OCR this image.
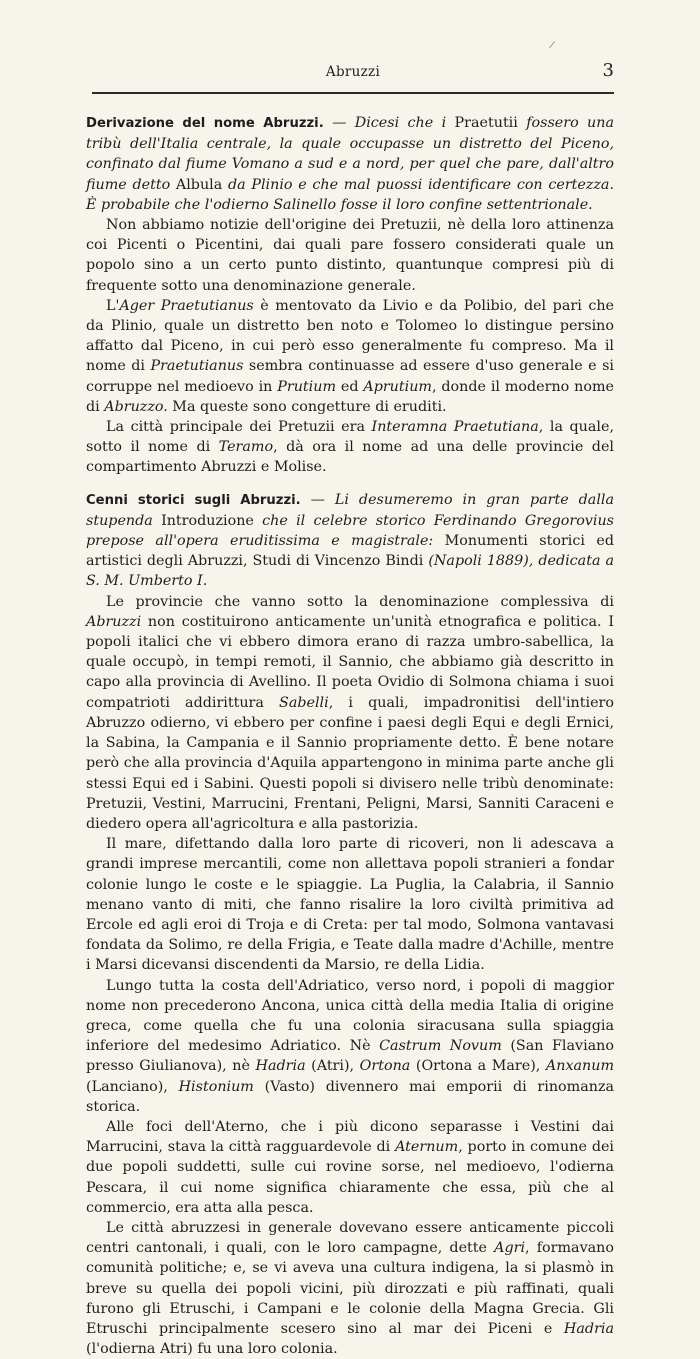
Abruzzi	3
/

Derivazione del nome Abruzzi. — Dicesi che i Praetutii fossero una tribù dell'Italia centrale, la quale occupasse un distretto del Piceno, confinato dal fiume Vomano a sud e a nord, per quel che pare, dall'altro fiume detto Albula da Plinio e che mal puossi identificare con certezza. È probabile che l'odierno Salinello fosse il loro confine settentrionale.

Non abbiamo notizie dell'origine dei Pretuzii, nè della loro attinenza coi Picenti o Picentini, dai quali pare fossero considerati quale un popolo sino a un certo punto distinto, quantunque compresi più di frequente sotto una denominazione generale.

L'Ager Praetutianus è mentovato da Livio e da Polibio, del pari che da Plinio, quale un distretto ben noto e Tolomeo lo distingue persino affatto dal Piceno, in cui però esso generalmente fu compreso. Ma il nome di Praetutianus sembra continuasse ad essere d'uso generale e si corruppe nel medioevo in Prutium ed Aprutium, donde il moderno nome di Abruzzo. Ma queste sono congetture di eruditi.

La città principale dei Pretuzii era Interamna Praetutiana, la quale, sotto il nome di Teramo, dà ora il nome ad una delle provincie del compartimento Abruzzi e Molise.

Cenni storici sugli Abruzzi. — Li desumeremo in gran parte dalla stupenda Introduzione che il celebre storico Ferdinando Gregorovius prepose all'opera eruditissima e magistrale: Monumenti storici ed artistici degli Abruzzi, Studi di Vincenzo Bindi (Napoli 1889), dedicata a S. M. Umberto I.

Le provincie che vanno sotto la denominazione complessiva di Abruzzi non costituirono anticamente un'unità etnografica e politica. I popoli italici che vi ebbero dimora erano di razza umbro-sabellica, la quale occupò, in tempi remoti, il Sannio, che abbiamo già descritto in capo alla provincia di Avellino. Il poeta Ovidio di Solmona chiama i suoi compatrioti addirittura Sabelli, i quali, impadronitisi dell'intiero Abruzzo odierno, vi ebbero per confine i paesi degli Equi e degli Ernici, la Sabina, la Campania e il Sannio propriamente detto. È bene notare però che alla provincia d'Aquila appartengono in minima parte anche gli stessi Equi ed i Sabini. Questi popoli si divisero nelle tribù denominate: Pretuzii, Vestini, Marrucini, Frentani, Peligni, Marsi, Sanniti Caraceni e diedero opera all'agricoltura e alla pastorizia.

Il mare, difettando dalla loro parte di ricoveri, non li adescava a grandi imprese mercantili, come non allettava popoli stranieri a fondar colonie lungo le coste e le spiaggie. La Puglia, la Calabria, il Sannio menano vanto di miti, che fanno risalire la loro civiltà primitiva ad Ercole ed agli eroi di Troja e di Creta: per tal modo, Solmona vantavasi fondata da Solimo, re della Frigia, e Teate dalla madre d'Achille, mentre i Marsi dicevansi discendenti da Marsio, re della Lidia.

Lungo tutta la costa dell'Adriatico, verso nord, i popoli di maggior nome non precederono Ancona, unica città della media Italia di origine greca, come quella che fu una colonia siracusana sulla spiaggia inferiore del medesimo Adriatico. Nè Castrum Novum (San Flaviano presso Giulianova), nè Hadria (Atri), Ortona (Ortona a Mare), Anxanum (Lanciano), Histonium (Vasto) divennero mai emporii di rinomanza storica.

Alle foci dell'Aterno, che i più dicono separasse i Vestini dai Marrucini, stava la città ragguardevole di Aternum, porto in comune dei due popoli suddetti, sulle cui rovine sorse, nel medioevo, l'odierna Pescara, il cui nome significa chiaramente che essa, più che al commercio, era atta alla pesca.

Le città abruzzesi in generale dovevano essere anticamente piccoli centri cantonali, i quali, con le loro campagne, dette Agri, formavano comunità politiche; e, se vi aveva una cultura indigena, la si plasmò in breve su quella dei popoli vicini, più dirozzati e più raffinati, quali furono gli Etruschi, i Campani e le colonie della Magna Grecia. Gli Etruschi principalmente scesero sino al mar dei Piceni e Hadria (l'odierna Atri) fu una loro colonia.
